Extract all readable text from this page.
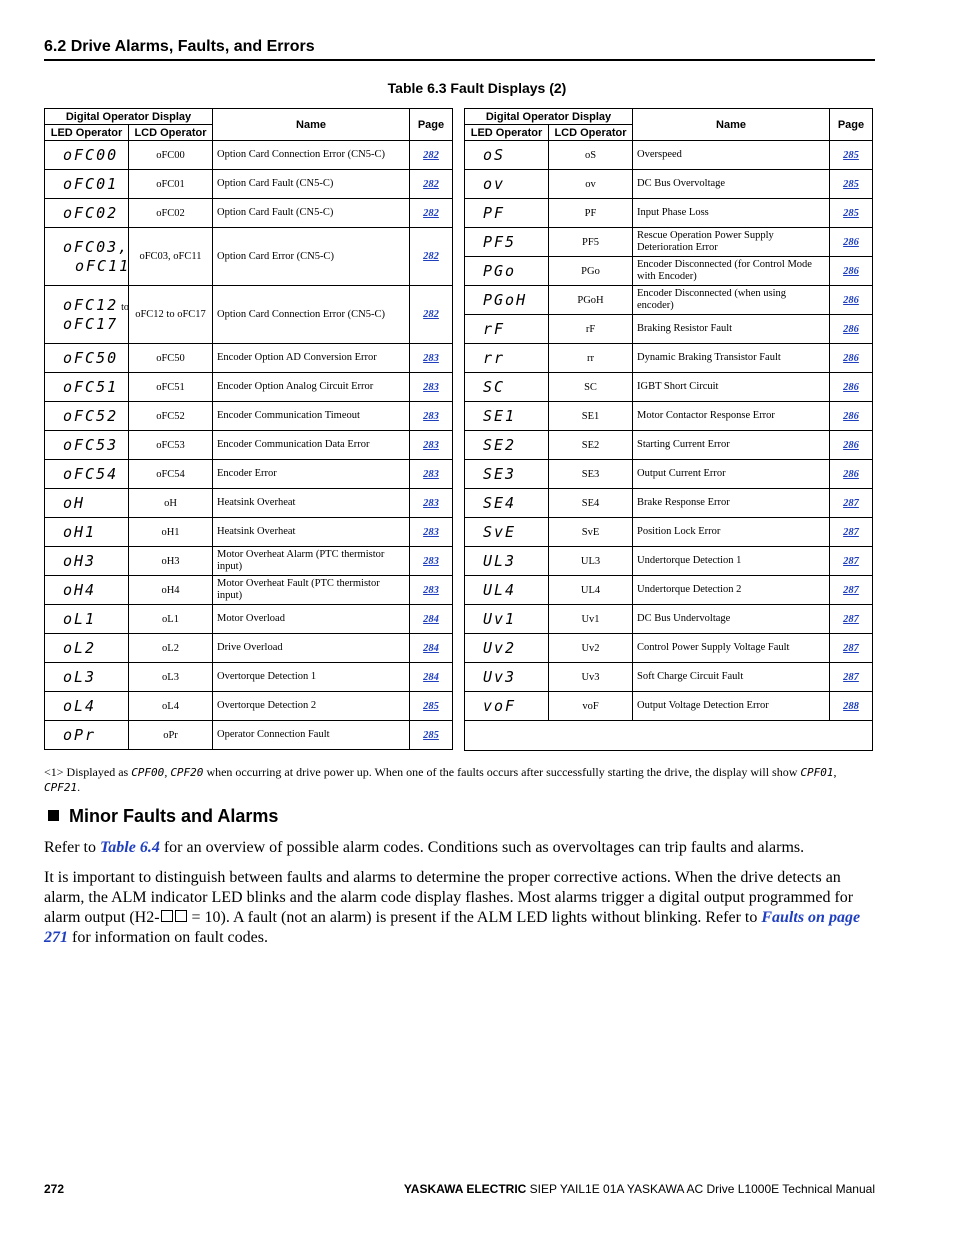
6.2 Drive Alarms, Faults, and Errors
Table 6.3 Fault Displays (2)
Digital Operator Display		Name	Page
LED Operator	LCD Operator		
oFC00	oFC00	Option Card Connection Error (CN5-C)	282
oFC01	oFC01	Option Card Fault (CN5-C)	282
oFC02	oFC02	Option Card Fault (CN5-C)	282
oFC03,
oFC11	oFC03, oFC11	Option Card Error (CN5-C)	282
oFC12 to
oFC17	oFC12 to oFC17	Option Card Connection Error (CN5-C)	282
oFC50	oFC50	Encoder Option AD Conversion Error	283
oFC51	oFC51	Encoder Option Analog Circuit Error	283
oFC52	oFC52	Encoder Communication Timeout	283
oFC53	oFC53	Encoder Communication Data Error	283
oFC54	oFC54	Encoder Error	283
oH	oH	Heatsink Overheat	283
oH1	oH1	Heatsink Overheat	283
oH3	oH3	Motor Overheat Alarm (PTC thermistor input)	283
oH4	oH4	Motor Overheat Fault (PTC thermistor input)	283
oL1	oL1	Motor Overload	284
oL2	oL2	Drive Overload	284
oL3	oL3	Overtorque Detection 1	284
oL4	oL4	Overtorque Detection 2	285
oPr	oPr	Operator Connection Fault	285
Digital Operator Display		Name	Page
LED Operator	LCD Operator		
oS	oS	Overspeed	285
ov	ov	DC Bus Overvoltage	285
PF	PF	Input Phase Loss	285
PF5	PF5	Rescue Operation Power Supply Deterioration Error	286
PGo	PGo	Encoder Disconnected (for Control Mode with Encoder)	286
PGoH	PGoH	Encoder Disconnected (when using encoder)	286
rF	rF	Braking Resistor Fault	286
rr	rr	Dynamic Braking Transistor Fault	286
SC	SC	IGBT Short Circuit	286
SE1	SE1	Motor Contactor Response Error	286
SE2	SE2	Starting Current Error	286
SE3	SE3	Output Current Error	286
SE4	SE4	Brake Response Error	287
SvE	SvE	Position Lock Error	287
UL3	UL3	Undertorque Detection 1	287
UL4	UL4	Undertorque Detection 2	287
Uv1	Uv1	DC Bus Undervoltage	287
Uv2	Uv2	Control Power Supply Voltage Fault	287
Uv3	Uv3	Soft Charge Circuit Fault	287
voF	voF	Output Voltage Detection Error	288

<1> Displayed as CPF00, CPF20 when occurring at drive power up. When one of the faults occurs after successfully starting the drive, the display will show CPF01, CPF21.
Minor Faults and Alarms
Refer to Table 6.4 for an overview of possible alarm codes. Conditions such as overvoltages can trip faults and alarms.
It is important to distinguish between faults and alarms to determine the proper corrective actions. When the drive detects an alarm, the ALM indicator LED blinks and the alarm code display flashes. Most alarms trigger a digital output programmed for alarm output (H2- = 10). A fault (not an alarm) is present if the ALM LED lights without blinking. Refer to Faults on page 271 for information on fault codes.
272	YASKAWA ELECTRIC SIEP YAIL1E 01A YASKAWA AC Drive L1000E Technical Manual
